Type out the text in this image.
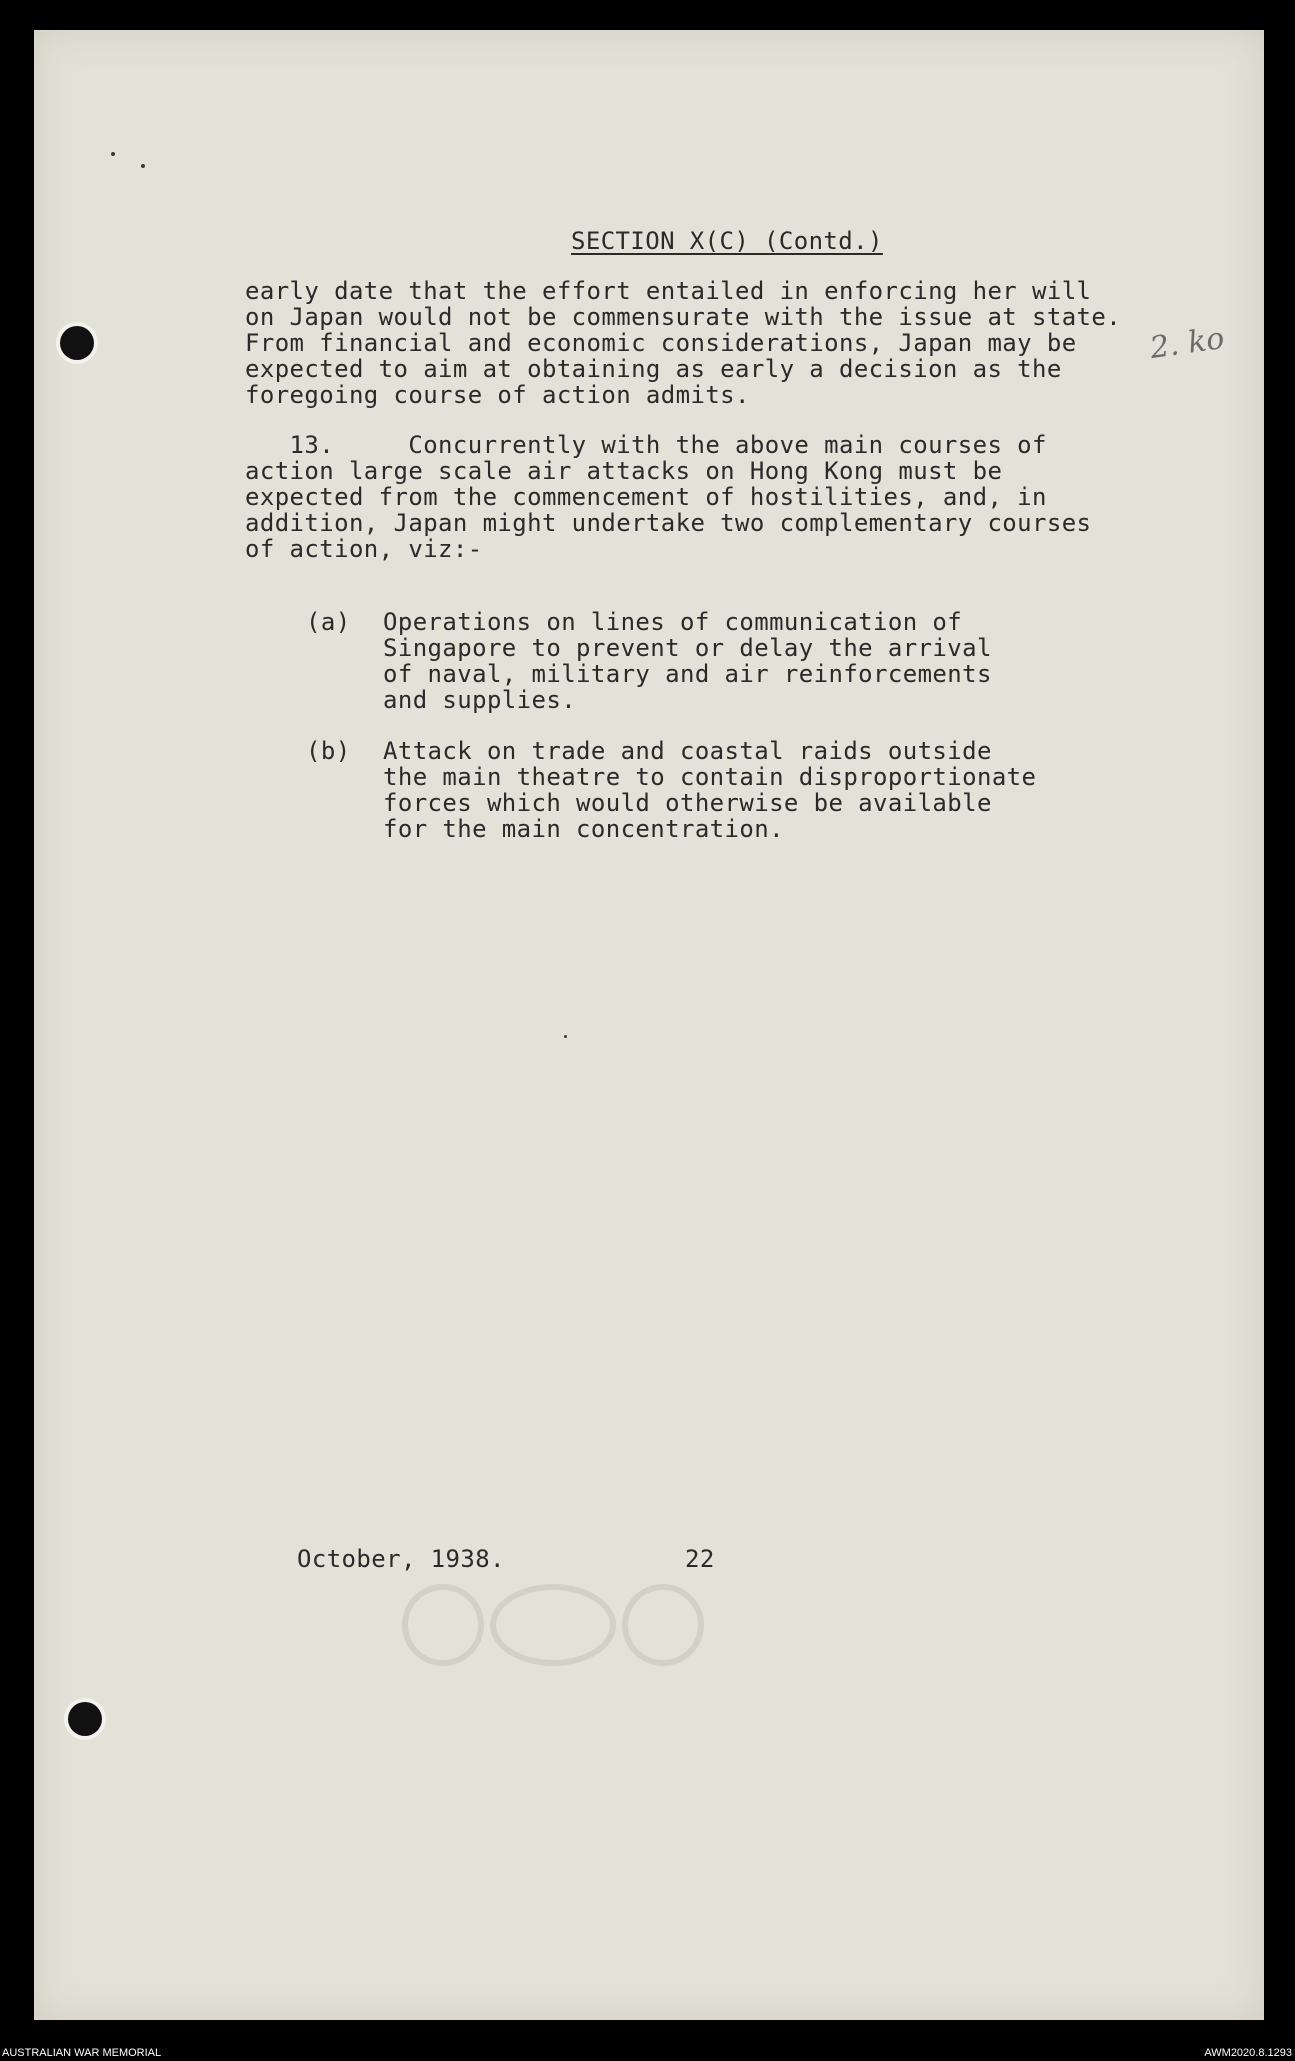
SECTION X(C) (Contd.)
early date that the effort entailed in enforcing her will
on Japan would not be commensurate with the issue at state.
From financial and economic considerations, Japan may be
expected to aim at obtaining as early a decision as the
foregoing course of action admits.
13.     Concurrently with the above main courses of
action large scale air attacks on Hong Kong must be
expected from the commencement of hostilities, and, in
addition, Japan might undertake two complementary courses
of action, viz:-
(a) Operations on lines of communication of
Singapore to prevent or delay the arrival
of naval, military and air reinforcements
and supplies.
(b) Attack on trade and coastal raids outside
the main theatre to contain disproportionate
forces which would otherwise be available
for the main concentration.
October, 1938.	22
2. ko
AUSTRALIAN WAR MEMORIAL	AWM2020.8.1293
